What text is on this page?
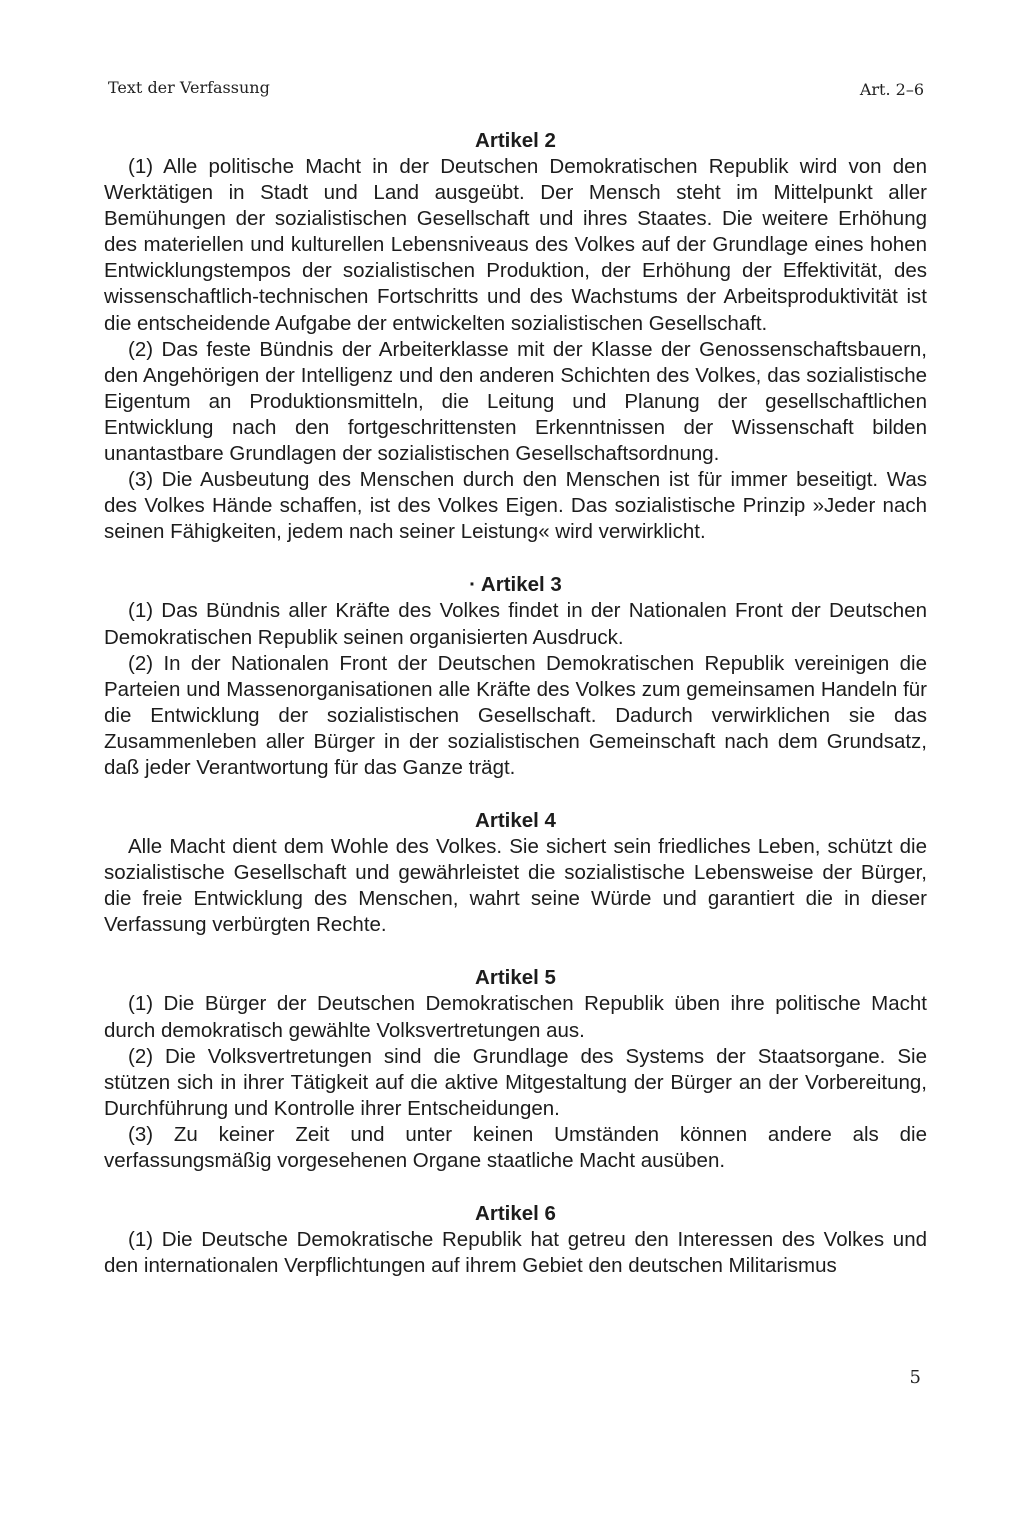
Text der Verfassung	Art. 2–6
Artikel 2

(1) Alle politische Macht in der Deutschen Demokratischen Republik wird von den Werktätigen in Stadt und Land ausgeübt. Der Mensch steht im Mittelpunkt aller Bemühungen der sozialistischen Gesellschaft und ihres Staates. Die weitere Erhöhung des materiellen und kulturellen Lebensniveaus des Volkes auf der Grundlage eines hohen Entwicklungstempos der sozialistischen Produktion, der Erhöhung der Effektivität, des wissenschaftlich-technischen Fortschritts und des Wachstums der Arbeitsproduktivität ist die entscheidende Aufgabe der entwickelten sozialistischen Gesellschaft.

(2) Das feste Bündnis der Arbeiterklasse mit der Klasse der Genossenschaftsbauern, den Angehörigen der Intelligenz und den anderen Schichten des Volkes, das sozialistische Eigentum an Produktionsmitteln, die Leitung und Planung der gesellschaftlichen Entwicklung nach den fortgeschrittensten Erkenntnissen der Wissenschaft bilden unantastbare Grundlagen der sozialistischen Gesellschaftsordnung.

(3) Die Ausbeutung des Menschen durch den Menschen ist für immer beseitigt. Was des Volkes Hände schaffen, ist des Volkes Eigen. Das sozialistische Prinzip »Jeder nach seinen Fähigkeiten, jedem nach seiner Leistung« wird verwirklicht.

· Artikel 3

(1) Das Bündnis aller Kräfte des Volkes findet in der Nationalen Front der Deutschen Demokratischen Republik seinen organisierten Ausdruck.

(2) In der Nationalen Front der Deutschen Demokratischen Republik vereinigen die Parteien und Massenorganisationen alle Kräfte des Volkes zum gemeinsamen Handeln für die Entwicklung der sozialistischen Gesellschaft. Dadurch verwirklichen sie das Zusammenleben aller Bürger in der sozialistischen Gemeinschaft nach dem Grundsatz, daß jeder Verantwortung für das Ganze trägt.

Artikel 4

Alle Macht dient dem Wohle des Volkes. Sie sichert sein friedliches Leben, schützt die sozialistische Gesellschaft und gewährleistet die sozialistische Lebensweise der Bürger, die freie Entwicklung des Menschen, wahrt seine Würde und garantiert die in dieser Verfassung verbürgten Rechte.

Artikel 5

(1) Die Bürger der Deutschen Demokratischen Republik üben ihre politische Macht durch demokratisch gewählte Volksvertretungen aus.

(2) Die Volksvertretungen sind die Grundlage des Systems der Staatsorgane. Sie stützen sich in ihrer Tätigkeit auf die aktive Mitgestaltung der Bürger an der Vorbereitung, Durchführung und Kontrolle ihrer Entscheidungen.

(3) Zu keiner Zeit und unter keinen Umständen können andere als die verfassungsmäßig vorgesehenen Organe staatliche Macht ausüben.

Artikel 6

(1) Die Deutsche Demokratische Republik hat getreu den Interessen des Volkes und den internationalen Verpflichtungen auf ihrem Gebiet den deutschen Militarismus

5
